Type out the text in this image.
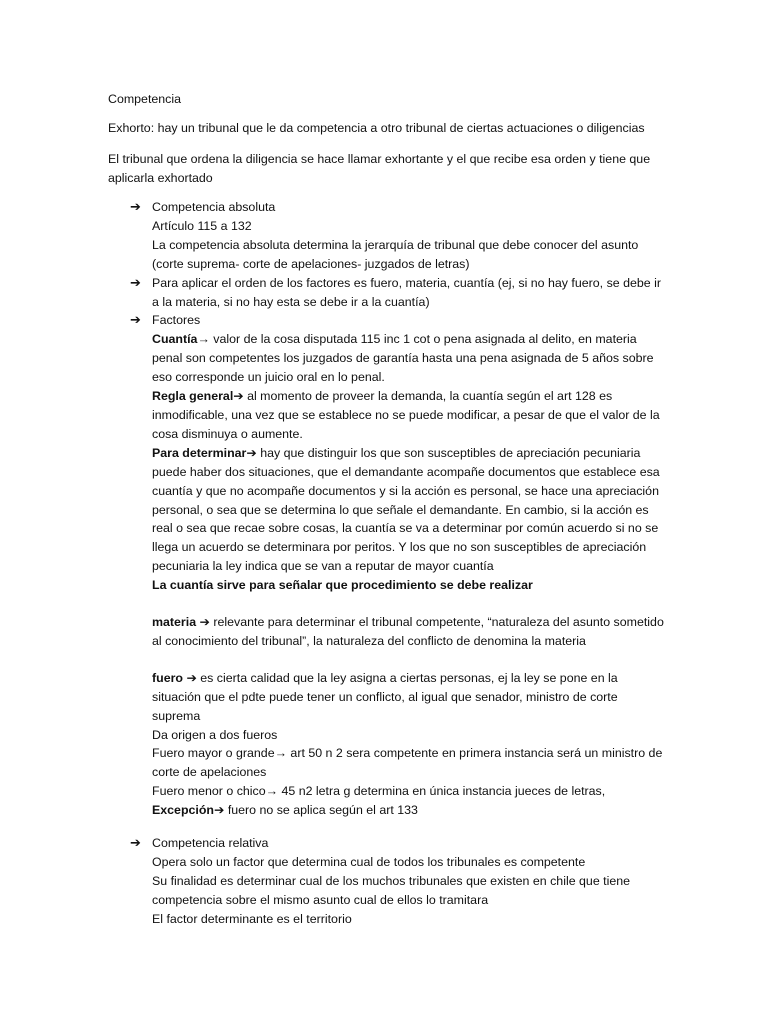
Competencia

Exhorto: hay un tribunal que le da competencia a otro tribunal de ciertas actuaciones o diligencias

El tribunal que ordena la diligencia se hace llamar exhortante y el que recibe esa orden y tiene que aplicarla exhortado

➔ Competencia absoluta
Artículo 115 a 132
La competencia absoluta determina la jerarquía de tribunal que debe conocer del asunto (corte suprema- corte de apelaciones- juzgados de letras)
➔ Para aplicar el orden de los factores es fuero, materia, cuantía (ej, si no hay fuero, se debe ir a la materia, si no hay esta se debe ir a la cuantía)
➔ Factores
Cuantía→ valor de la cosa disputada 115 inc 1 cot o pena asignada al delito, en materia penal son competentes los juzgados de garantía hasta una pena asignada de 5 años sobre eso corresponde un juicio oral en lo penal.
Regla general➔ al momento de proveer la demanda, la cuantía según el art 128 es inmodificable, una vez que se establece no se puede modificar, a pesar de que el valor de la cosa disminuya o aumente.
Para determinar➔ hay que distinguir los que son susceptibles de apreciación pecuniaria puede haber dos situaciones, que el demandante acompañe documentos que establece esa cuantía y que no acompañe documentos y si la acción es personal, se hace una apreciación personal, o sea que se determina lo que señale el demandante. En cambio, si la acción es real o sea que recae sobre cosas, la cuantía se va a determinar por común acuerdo si no se llega un acuerdo se determinara por peritos. Y los que no son susceptibles de apreciación pecuniaria la ley indica que se van a reputar de mayor cuantía
La cuantía sirve para señalar que procedimiento se debe realizar
materia ➔ relevante para determinar el tribunal competente, “naturaleza del asunto sometido al conocimiento del tribunal”, la naturaleza del conflicto de denomina la materia
fuero ➔ es cierta calidad que la ley asigna a ciertas personas, ej la ley se pone en la situación que el pdte puede tener un conflicto, al igual que senador, ministro de corte suprema
Da origen a dos fueros
Fuero mayor o grande→ art 50 n 2 sera competente en primera instancia será un ministro de corte de apelaciones
Fuero menor o chico→ 45 n2 letra g determina en única instancia jueces de letras,
Excepción➔ fuero no se aplica según el art 133
➔ Competencia relativa
Opera solo un factor que determina cual de todos los tribunales es competente
Su finalidad es determinar cual de los muchos tribunales que existen en chile que tiene competencia sobre el mismo asunto cual de ellos lo tramitara
El factor determinante es el territorio
